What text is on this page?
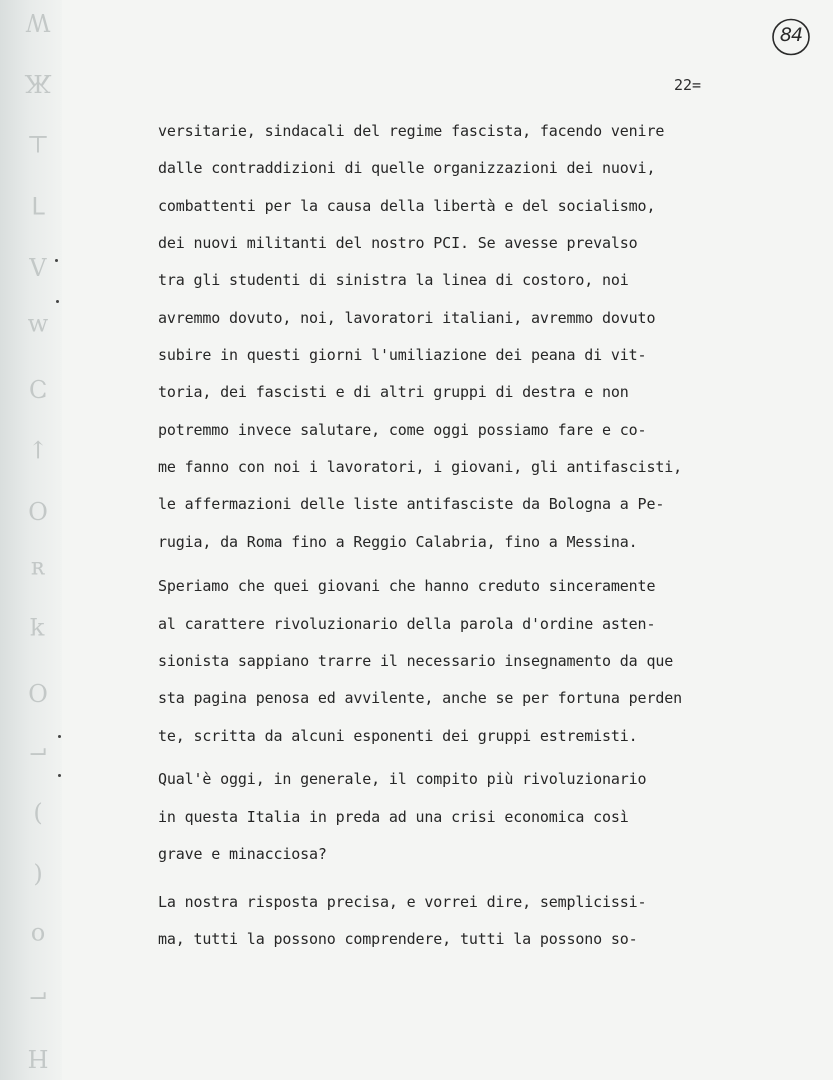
H
⌐
o
(
)
⌐
O
ʞ
ᴚ
O
↓
Ↄ
ʍ
Λ
⅂
⊥
Ж
W	84
22=
versitarie, sindacali del regime fascista, facendo venire
dalle contraddizioni di quelle organizzazioni dei nuovi,
combattenti per la causa della libertà e del socialismo,
dei nuovi militanti del nostro PCI. Se avesse prevalso
tra gli studenti di sinistra la linea di costoro, noi
avremmo dovuto, noi, lavoratori italiani, avremmo dovuto
subire in questi giorni l'umiliazione dei peana di vit-
toria, dei fascisti e di altri gruppi di destra e non
potremmo invece salutare, come oggi possiamo fare e co-
me fanno con noi i lavoratori, i giovani, gli antifascisti,
le affermazioni delle liste antifasciste da Bologna a Pe-
rugia, da Roma fino a Reggio Calabria, fino a Messina.
Speriamo che quei giovani che hanno creduto sinceramente
al carattere rivoluzionario della parola d'ordine asten-
sionista sappiano trarre il necessario insegnamento da que
sta pagina penosa ed avvilente, anche se per fortuna perden
te, scritta da alcuni esponenti dei gruppi estremisti.
Qual'è oggi, in generale, il compito più rivoluzionario
in questa Italia in preda ad una crisi economica così
grave e minacciosa?
La nostra risposta precisa, e vorrei dire, semplicissi-
ma, tutti la possono comprendere, tutti la possono so-
